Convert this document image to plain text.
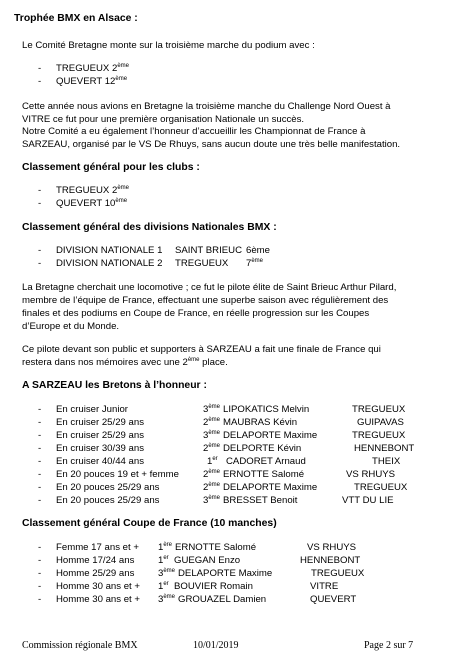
Trophée BMX en Alsace :
Le Comité Bretagne monte sur la troisième marche du podium avec :
- TREGUEUX 2ème
- QUEVERT 12ème
Cette année nous avions en Bretagne la troisième manche du Challenge Nord Ouest à
VITRE ce fut pour une première organisation Nationale un succès.
Notre Comité a eu également l’honneur d’accueillir les Championnat de France à
SARZEAU, organisé par le VS De Rhuys, sans aucun doute une très belle manifestation.
Classement général pour les clubs :
- TREGUEUX 2ème
- QUEVERT 10ème
Classement général des divisions Nationales BMX :
- DIVISION NATIONALE 1 SAINT BRIEUC 6ème
- DIVISION NATIONALE 2 TREGUEUX 7ème
La Bretagne cherchait une locomotive ; ce fut le pilote élite de Saint Brieuc Arthur Pilard,
membre de l’équipe de France, effectuant une superbe saison avec régulièrement des
finales et des podiums en Coupe de France, en réelle progression sur les Coupes
d’Europe et du Monde.
Ce pilote devant son public et supporters à SARZEAU a fait une finale de France qui
restera dans nos mémoires avec une 2ème place.
A SARZEAU les Bretons à l’honneur :
- En cruiser Junior	3ème LIPOKATICS Melvin	TREGUEUX
- En cruiser 25/29 ans	2ème MAUBRAS Kévin	GUIPAVAS
- En cruiser 25/29 ans	3ème DELAPORTE Maxime	TREGUEUX
- En cruiser 30/39 ans	2ème DELPORTE Kévin	HENNEBONT
- En cruiser 40/44 ans	1er CADORET Arnaud	THEIX
- En 20 pouces 19 et + femme	2ème ERNOTTE Salomé	VS RHUYS
- En 20 pouces 25/29 ans	2ème DELAPORTE Maxime	TREGUEUX
- En 20 pouces 25/29 ans	3ème BRESSET Benoit	VTT DU LIE
Classement général Coupe de France (10 manches)
- Femme 17 ans et + 1ère ERNOTTE Salomé	VS RHUYS
- Homme 17/24 ans 1er GUEGAN Enzo	HENNEBONT
- Homme 25/29 ans 3ème DELAPORTE Maxime	TREGUEUX
- Homme 30 ans et + 1er BOUVIER Romain	VITRE
- Homme 30 ans et + 3ème GROUAZEL Damien	QUEVERT
Commission régionale BMX	10/01/2019	Page 2 sur 7
